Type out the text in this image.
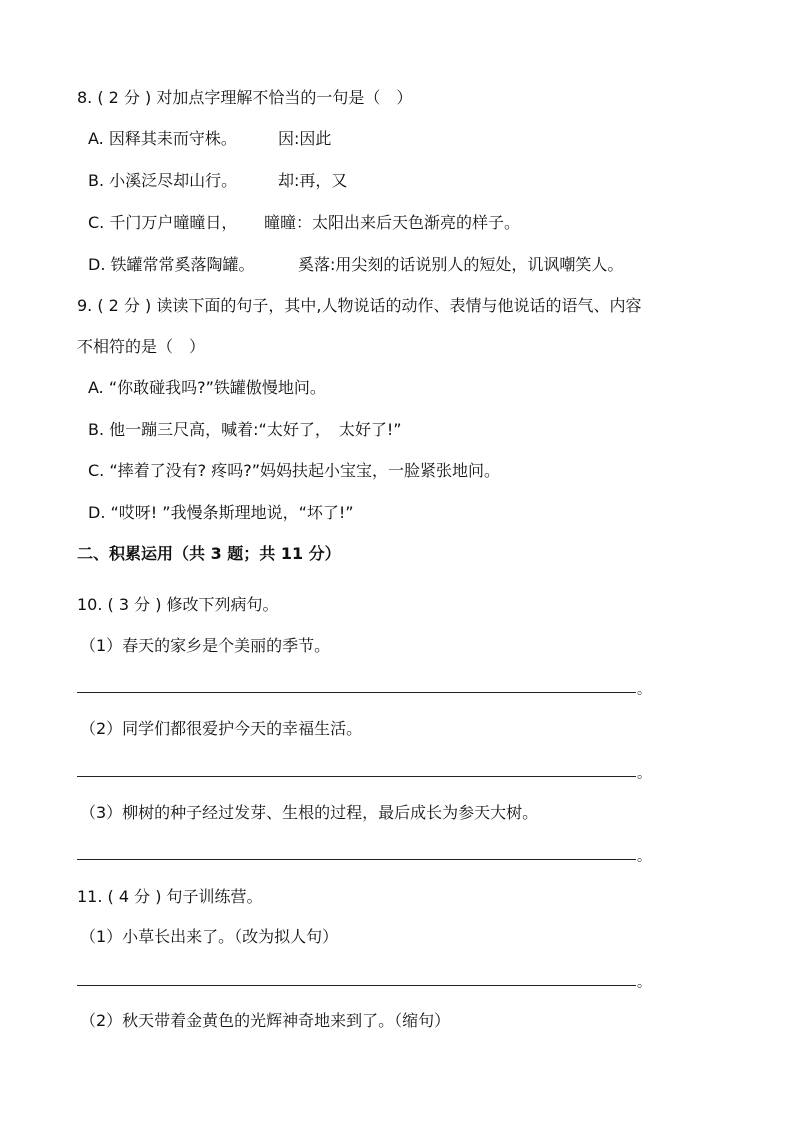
8. ( 2 分 ) 对加点字理解不恰当的一句是（　）
A. 因释其耒而守株。	因:因此
B. 小溪泛尽却山行。	却:再，又
C. 千门万户曈曈日， 曈曈：太阳出来后天色渐亮的样子。
D. 铁罐常常奚落陶罐。	奚落:用尖刻的话说别人的短处，讥讽嘲笑人。
9. ( 2 分 ) 读读下面的句子，其中,人物说话的动作、表情与他说话的语气、内容
不相符的是（　）
A. “你敢碰我吗?”铁罐傲慢地问。
B. 他一蹦三尺高，喊着:“太好了，　太好了!”
C. “摔着了没有? 疼吗?”妈妈扶起小宝宝，一脸紧张地问。
D. “哎呀! ”我慢条斯理地说，“坏了!”
二、积累运用（共 3 题；共 11 分）
10. ( 3 分 ) 修改下列病句。
（1）春天的家乡是个美丽的季节。
。
（2）同学们都很爱护今天的幸福生活。
。
（3）柳树的种子经过发芽、生根的过程，最后成长为参天大树。
。
11. ( 4 分 ) 句子训练营。
（1）小草长出来了。（改为拟人句）
。
（2）秋天带着金黄色的光辉神奇地来到了。（缩句）
